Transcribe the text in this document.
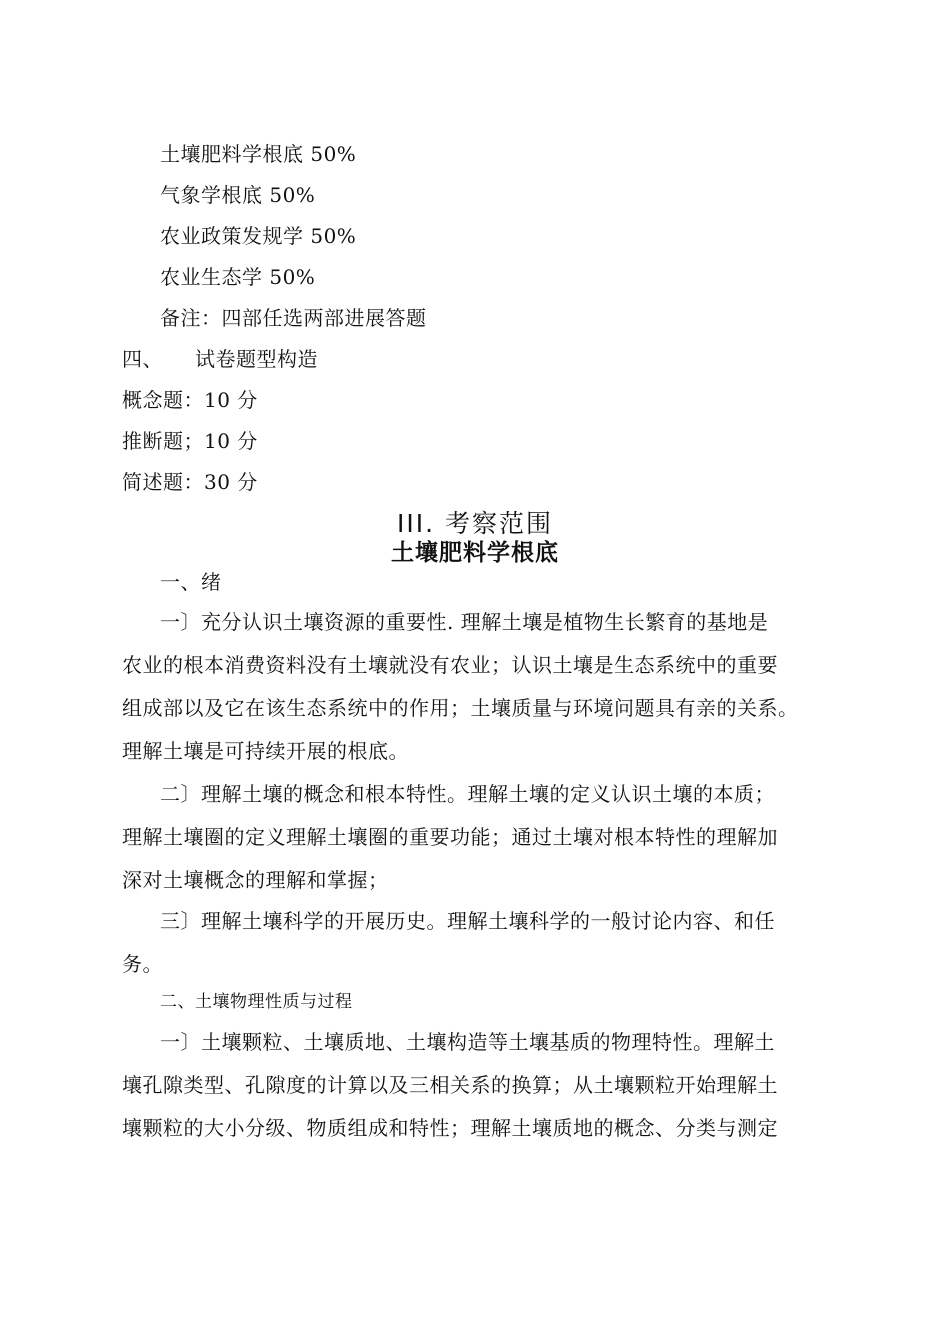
土壤肥料学根底 50%
气象学根底 50%
农业政策发规学 50%
农业生态学 50%
备注：四部任选两部进展答题
四、 试卷题型构造
概念题：10 分
推断题；10 分
简述题：30 分
III. 考察范围
土壤肥料学根底
一、绪
一〕充分认识土壤资源的重要性. 理解土壤是植物生长繁育的基地是
农业的根本消费资料没有土壤就没有农业；认识土壤是生态系统中的重要
组成部以及它在该生态系统中的作用；土壤质量与环境问题具有亲的关系。
理解土壤是可持续开展的根底。
二〕理解土壤的概念和根本特性。理解土壤的定义认识土壤的本质；
理解土壤圈的定义理解土壤圈的重要功能；通过土壤对根本特性的理解加
深对土壤概念的理解和掌握；
三〕理解土壤科学的开展历史。理解土壤科学的一般讨论内容、和任
务。
二、土壤物理性质与过程
一〕土壤颗粒、土壤质地、土壤构造等土壤基质的物理特性。理解土
壤孔隙类型、孔隙度的计算以及三相关系的换算；从土壤颗粒开始理解土
壤颗粒的大小分级、物质组成和特性；理解土壤质地的概念、分类与测定
